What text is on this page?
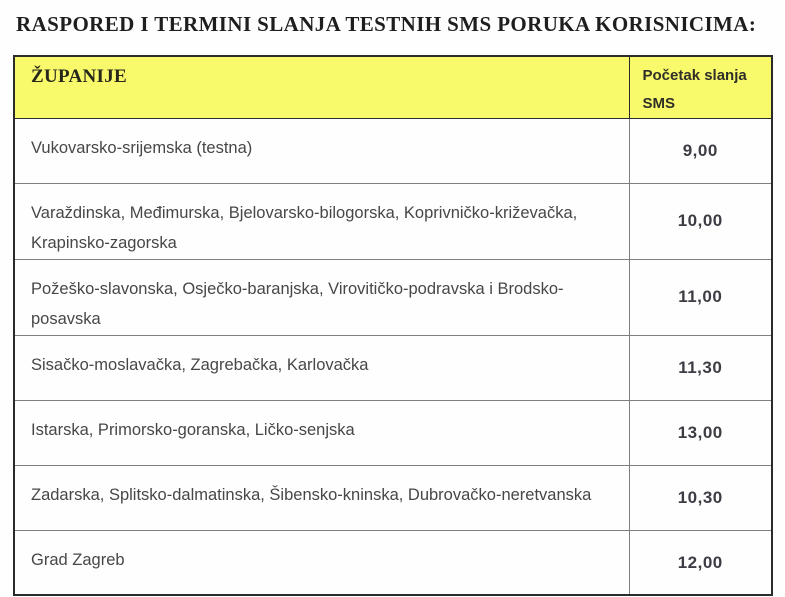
RASPORED I TERMINI SLANJA TESTNIH SMS PORUKA KORISNICIMA:
ŽUPANIJE	Početak slanja SMS
Vukovarsko-srijemska (testna)	9,00
Varaždinska, Međimurska, Bjelovarsko-bilogorska, Koprivničko-križevačka, Krapinsko-zagorska	10,00
Požeško-slavonska, Osječko-baranjska, Virovitičko-podravska i Brodsko-posavska	11,00
Sisačko-moslavačka, Zagrebačka, Karlovačka	11,30
Istarska, Primorsko-goranska, Ličko-senjska	13,00
Zadarska, Splitsko-dalmatinska, Šibensko-kninska, Dubrovačko-neretvanska	10,30
Grad Zagreb	12,00
